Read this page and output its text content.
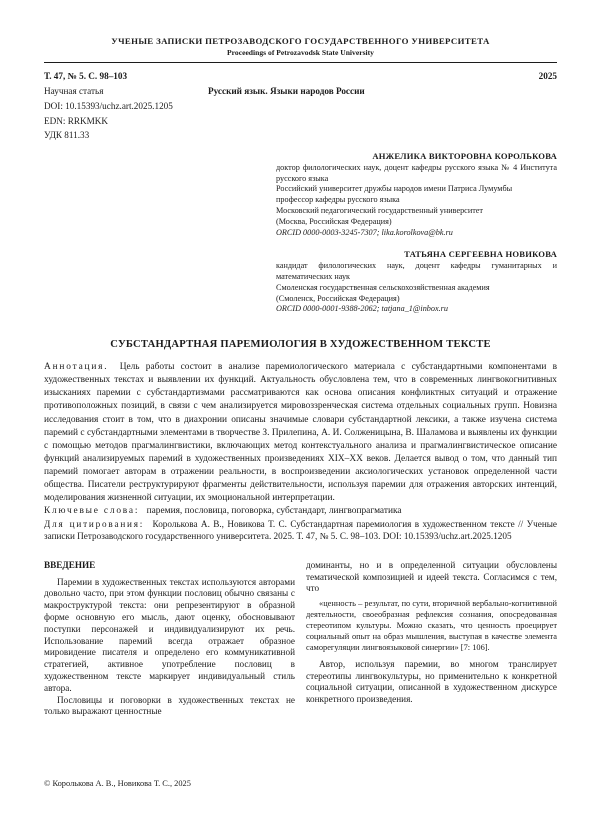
УЧЕНЫЕ ЗАПИСКИ ПЕТРОЗАВОДСКОГО ГОСУДАРСТВЕННОГО УНИВЕРСИТЕТА
Proceedings of Petrozavodsk State University
Т. 47, № 5. С. 98–103	2025
Научная статья	Русский язык. Языки народов России
DOI: 10.15393/uchz.art.2025.1205
EDN: RRKMKK
УДК 811.33
АНЖЕЛИКА ВИКТОРОВНА КОРОЛЬКОВА
доктор филологических наук, доцент кафедры русского языка № 4 Института русского языка
Российский университет дружбы народов имени Патриса Лумумбы
профессор кафедры русского языка
Московский педагогический государственный университет
(Москва, Российская Федерация)
ORCID 0000-0003-3245-7307; lika.korolkova@bk.ru
ТАТЬЯНА СЕРГЕЕВНА НОВИКОВА
кандидат филологических наук, доцент кафедры гуманитарных и математических наук
Смоленская государственная сельскохозяйственная академия
(Смоленск, Российская Федерация)
ORCID 0000-0001-9388-2062; tatjana_1@inbox.ru
СУБСТАНДАРТНАЯ ПАРЕМИОЛОГИЯ В ХУДОЖЕСТВЕННОМ ТЕКСТЕ

Аннотация. Цель работы состоит в анализе паремиологического материала с субстандартными компонентами в художественных текстах и выявлении их функций. Актуальность обусловлена тем, что в современных лингвокогнитивных изысканиях паремии с субстандартизмами рассматриваются как основа описания конфликтных ситуаций и отражение противоположных позиций, в связи с чем анализируется мировоззренческая система отдельных социальных групп. Новизна исследования стоит в том, что в диахронии описаны значимые словари субстандартной лексики, а также изучена система паремий с субстандартными элементами в творчестве З. Прилепина, А. И. Солженицына, В. Шаламова и выявлены их функции с помощью методов прагмалингвистики, включающих метод контекстуального анализа и прагмалингвистическое описание функций анализируемых паремий в художественных произведениях XIX–XX веков. Делается вывод о том, что данный тип паремий помогает авторам в отражении реальности, в воспроизведении аксиологических установок определенной части общества. Писатели реструктурируют фрагменты действительности, используя паремии для отражения авторских интенций, моделирования жизненной ситуации, их эмоциональной интерпретации.

Ключевые слова: паремия, пословица, поговорка, субстандарт, лингвопрагматика

Для цитирования: Королькова А. В., Новикова Т. С. Субстандартная паремиология в художественном тексте // Ученые записки Петрозаводского государственного университета. 2025. Т. 47, № 5. С. 98–103. DOI: 10.15393/uchz.art.2025.1205

ВВЕДЕНИЕ

Паремии в художественных текстах используются авторами довольно часто, при этом функции пословиц обычно связаны с макроструктурой текста: они репрезентируют в образной форме основную его мысль, дают оценку, обосновывают поступки персонажей и индивидуализируют их речь. Использование паремий всегда отражает образное мировидение писателя и определено его коммуникативной стратегией, активное употребление пословиц в художественном тексте маркирует индивидуальный стиль автора.

Пословицы и поговорки в художественных текстах не только выражают ценностные

доминанты, но и в определенной ситуации обусловлены тематической композицией и идеей текста. Согласимся с тем, что

«ценность – результат, по сути, вторичной вербально-когнитивной деятельности, своеобразная рефлексия сознания, опосредованная стереотипом культуры. Можно сказать, что ценность проецирует социальный опыт на образ мышления, выступая в качестве элемента саморегуляции лингвоязыковой синергии» [7: 106].

Автор, используя паремии, во многом транслирует стереотипы лингвокультуры, но применительно к конкретной социальной ситуации, описанной в художественном дискурсе конкретного произведения.

© Королькова А. В., Новикова Т. С., 2025
